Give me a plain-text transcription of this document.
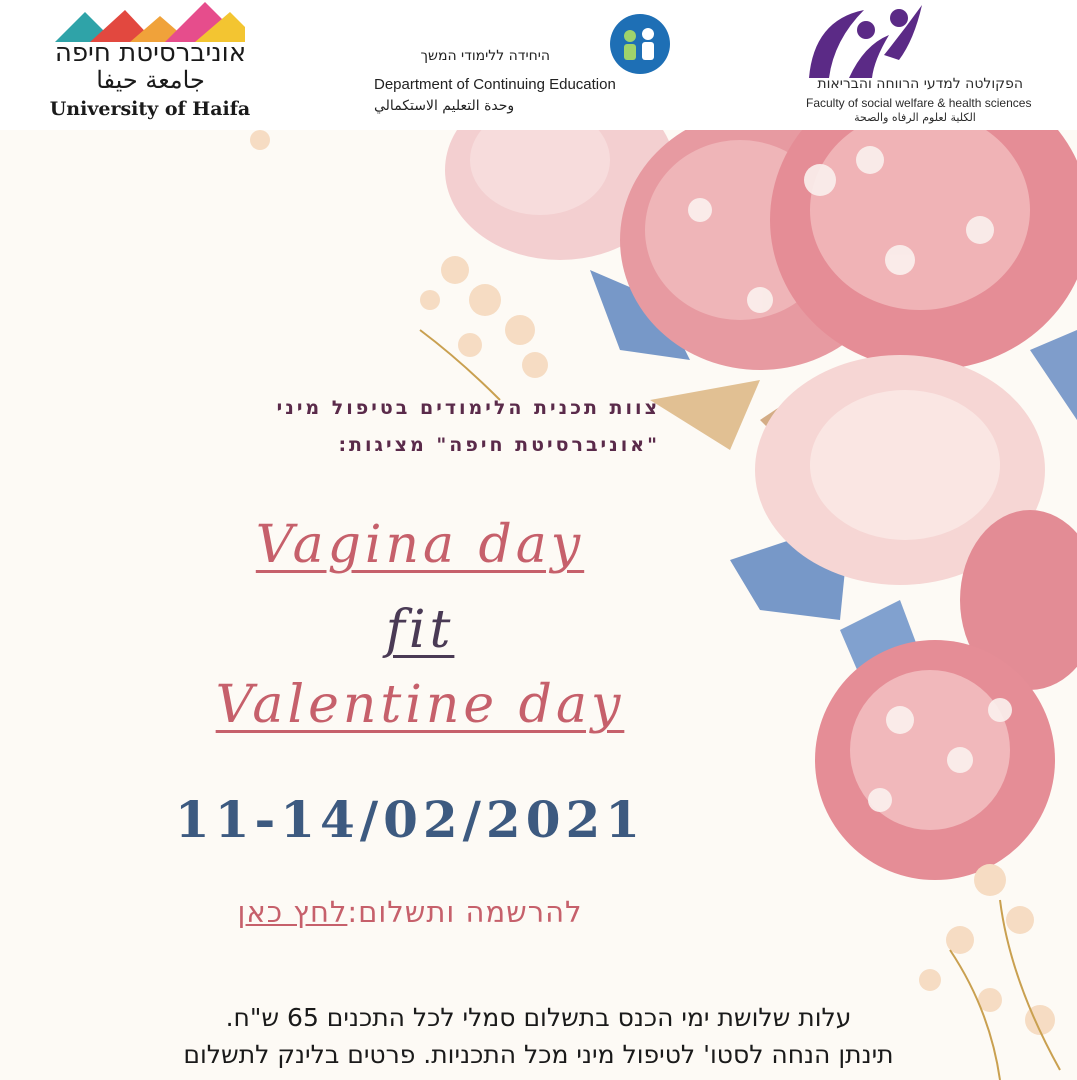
אוניברסיטת חיפה
جامعة حيفا
University of Haifa
היחידה ללימודי המשך
Department of Continuing Education
وحدة التعليم الاستكمالي
הפקולטה למדעי הרווחה והבריאות
Faculty of social welfare & health sciences
الكلية لعلوم الرفاه والصحة
צוות תכנית הלימודים בטיפול מיני
"אוניברסיטת חיפה" מציגות:
Vagina day
fit
Valentine day
11-14/02/2021
להרשמה ותשלום:לחץ כאן
עלות שלושת ימי הכנס בתשלום סמלי לכל התכנים 65 ש"ח.
תינתן הנחה לסטו' לטיפול מיני מכל התכניות. פרטים בלינק לתשלום
